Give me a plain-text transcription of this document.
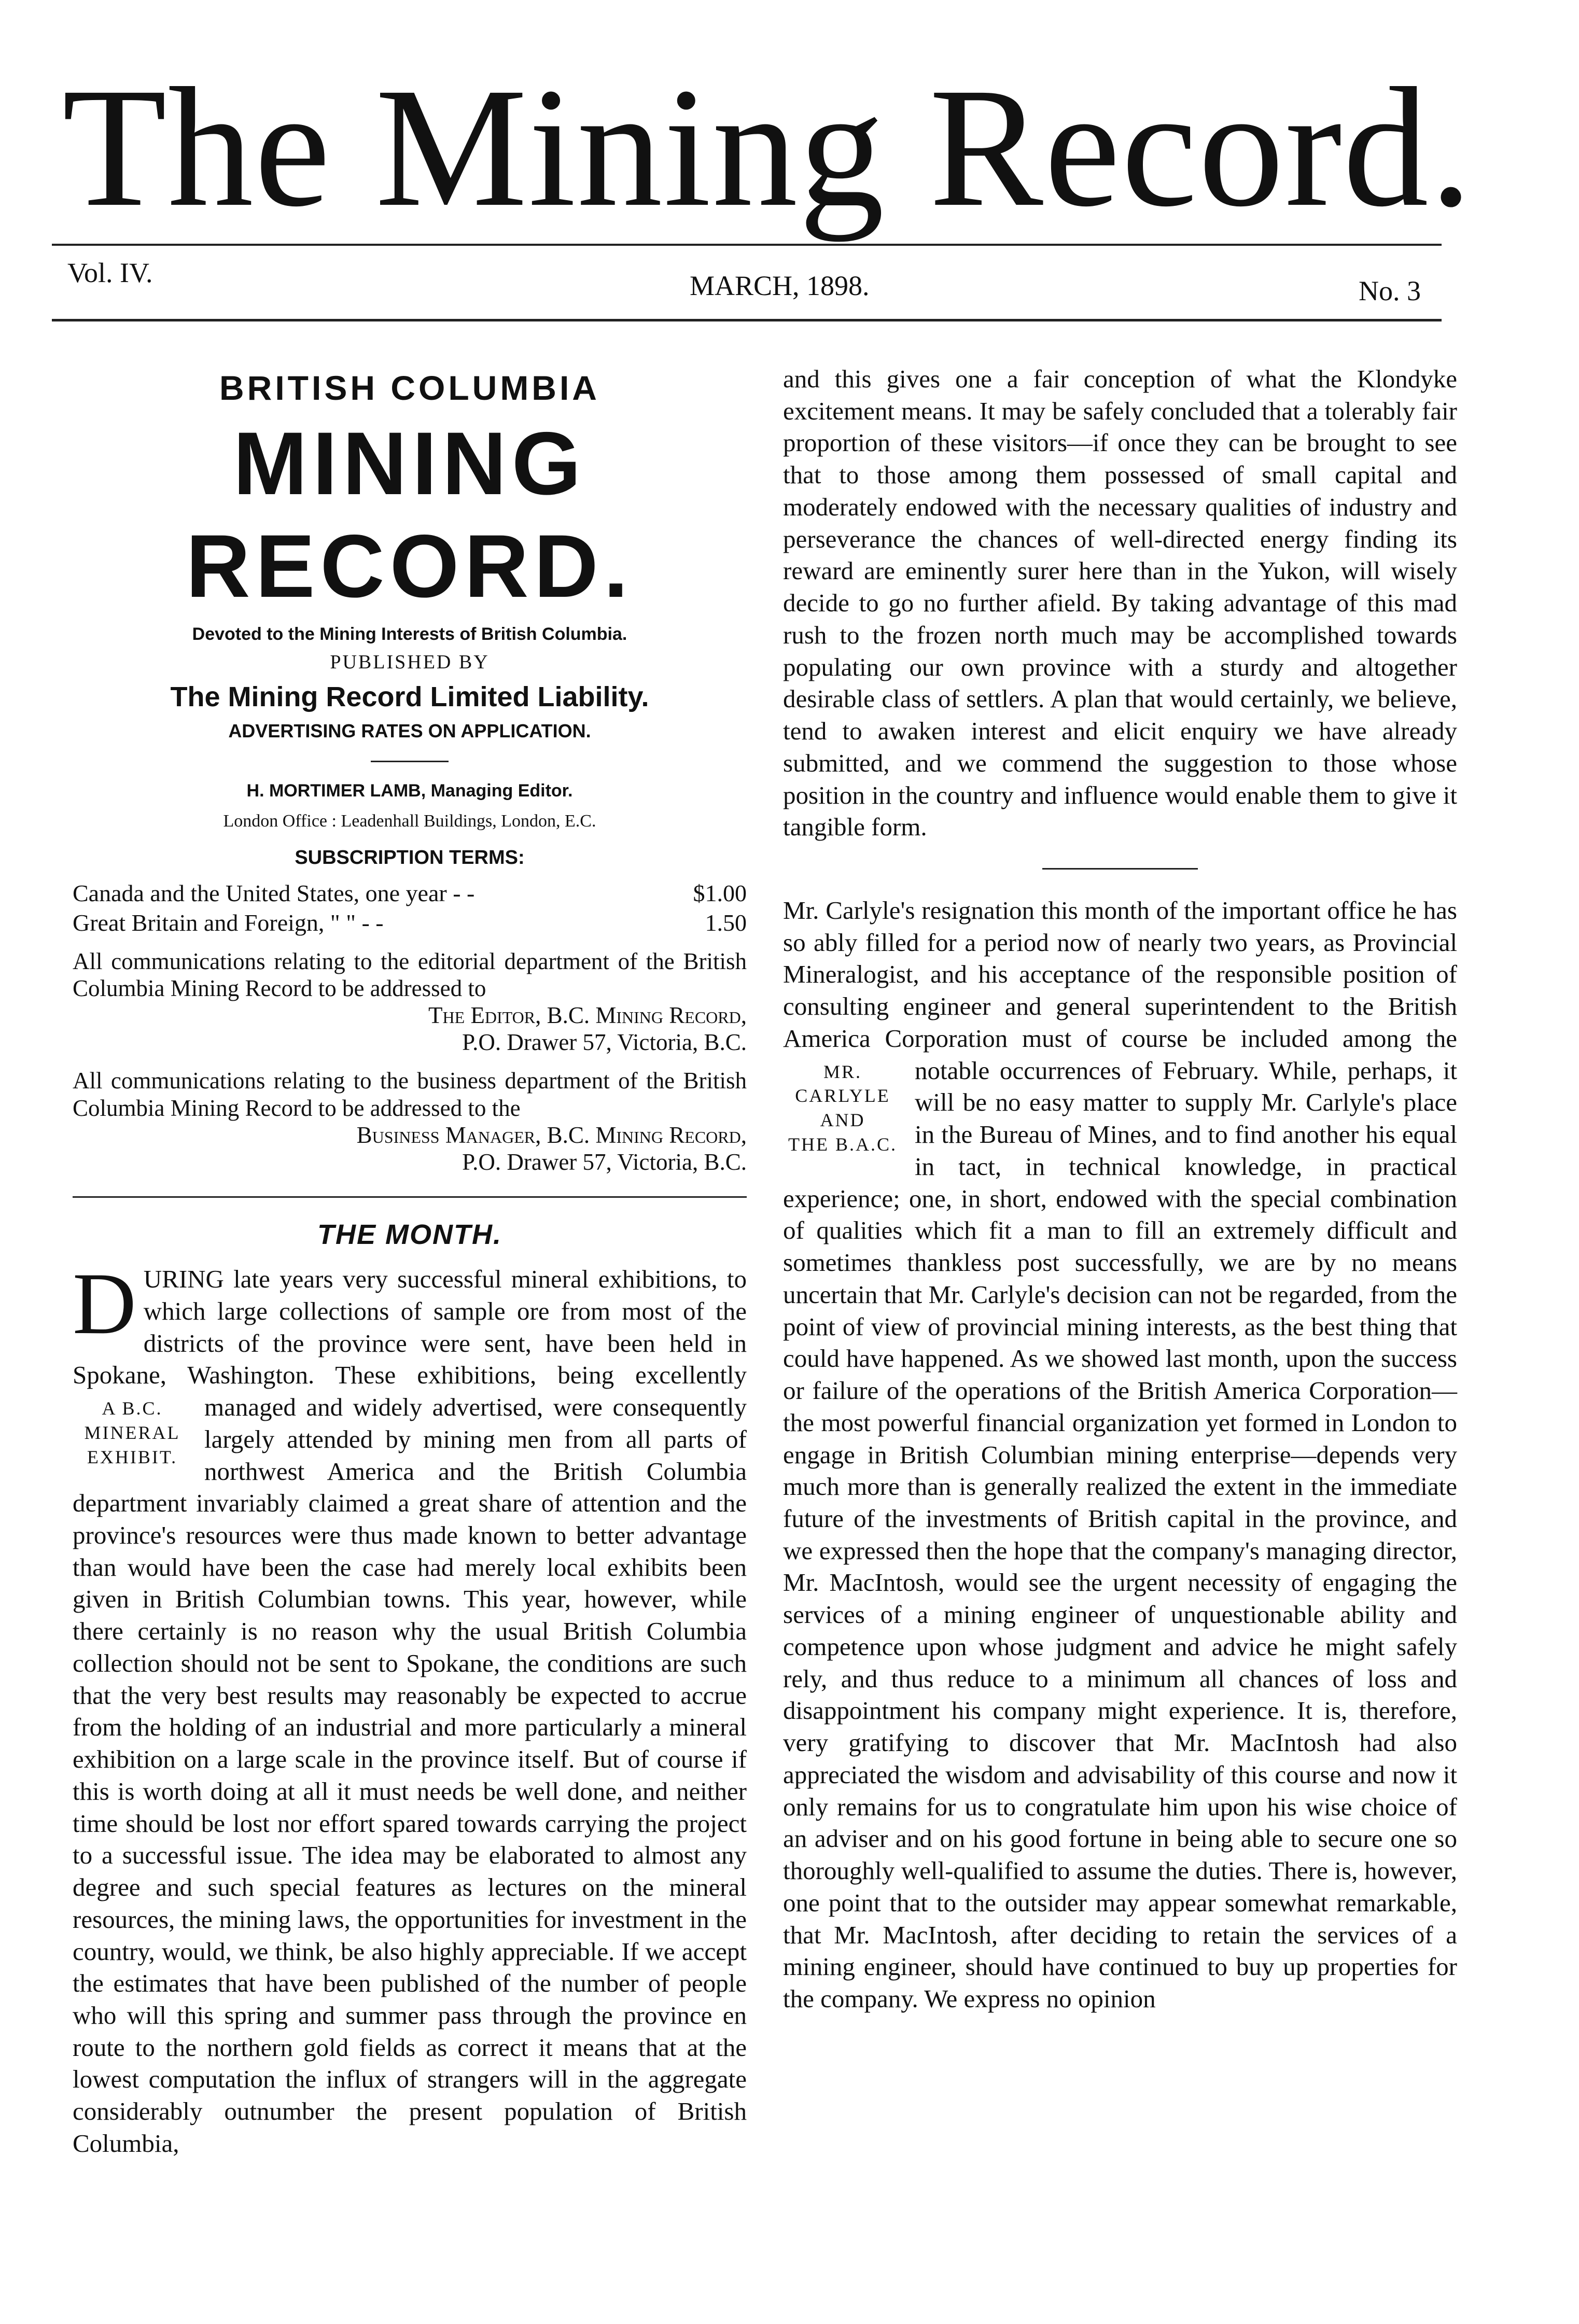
The Mining Record.
Vol. IV.	MARCH, 1898.	No. 3
BRITISH COLUMBIA
MINING RECORD.
Devoted to the Mining Interests of British Columbia.
PUBLISHED BY
The Mining Record Limited Liability.
ADVERTISING RATES ON APPLICATION.
H. MORTIMER LAMB, Managing Editor.
London Office : Leadenhall Buildings, London, E.C.
SUBSCRIPTION TERMS:
Canada and the United States, one year - -	$1.00
Great Britain and Foreign, " " - -	1.50

All communications relating to the editorial department of the British Columbia Mining Record to be addressed to

The Editor, B.C. Mining Record,

P.O. Drawer 57, Victoria, B.C.

All communications relating to the business department of the British Columbia Mining Record to be addressed to the

Business Manager, B.C. Mining Record,

P.O. Drawer 57, Victoria, B.C.

THE MONTH.

DURING late years very successful mineral exhibitions, to which large collections of sample ore from most of the districts of the province were sent, have been held in Spokane, Washington. These exhibitions, being excellently managed and widely
A B.C.
MINERAL
EXHIBIT.
advertised, were consequently largely attended by mining men from all parts of northwest America and the British Columbia department invariably claimed a great share of attention and the province's resources were thus made known to better advantage than would have been the case had merely local exhibits been given in British Columbian towns. This year, however, while there certainly is no reason why the usual British Columbia collection should not be sent to Spokane, the conditions are such that the very best results may reasonably be expected to accrue from the holding of an industrial and more particularly a mineral exhibition on a large scale in the province itself. But of course if this is worth doing at all it must needs be well done, and neither time should be lost nor effort spared towards carrying the project to a successful issue. The idea may be elaborated to almost any degree and such special features as lectures on the mineral resources, the mining laws, the opportunities for investment in the country, would, we think, be also highly appreciable. If we accept the estimates that have been published of the number of people who will this spring and summer pass through the province en route to the northern gold fields as correct it means that at the lowest computation the influx of strangers will in the aggregate considerably outnumber the present population of British Columbia,

and this gives one a fair conception of what the Klondyke excitement means. It may be safely concluded that a tolerably fair proportion of these visitors—if once they can be brought to see that to those among them possessed of small capital and moderately endowed with the necessary qualities of industry and perseverance the chances of well-directed energy finding its reward are eminently surer here than in the Yukon, will wisely decide to go no further afield. By taking advantage of this mad rush to the frozen north much may be accomplished towards populating our own province with a sturdy and altogether desirable class of settlers. A plan that would certainly, we believe, tend to awaken interest and elicit enquiry we have already submitted, and we commend the suggestion to those whose position in the country and influence would enable them to give it tangible form.

Mr. Carlyle's resignation this month of the important office he has so ably filled for a period now of nearly two years, as Provincial Mineralogist, and his acceptance of the responsible position of consulting engineer and general superintendent to the British America Corporation must of course be included among the notable occurrences of February. While,
MR. CARLYLE
AND
THE B.A.C.
perhaps, it will be no easy matter to supply Mr. Carlyle's place in the Bureau of Mines, and to find another his equal in tact, in technical knowledge, in practical experience; one, in short, endowed with the special combination of qualities which fit a man to fill an extremely difficult and sometimes thankless post successfully, we are by no means uncertain that Mr. Carlyle's decision can not be regarded, from the point of view of provincial mining interests, as the best thing that could have happened. As we showed last month, upon the success or failure of the operations of the British America Corporation—the most powerful financial organization yet formed in London to engage in British Columbian mining enterprise—depends very much more than is generally realized the extent in the immediate future of the investments of British capital in the province, and we expressed then the hope that the company's managing director, Mr. MacIntosh, would see the urgent necessity of engaging the services of a mining engineer of unquestionable ability and competence upon whose judgment and advice he might safely rely, and thus reduce to a minimum all chances of loss and disappointment his company might experience. It is, therefore, very gratifying to discover that Mr. MacIntosh had also appreciated the wisdom and advisability of this course and now it only remains for us to congratulate him upon his wise choice of an adviser and on his good fortune in being able to secure one so thoroughly well-qualified to assume the duties. There is, however, one point that to the outsider may appear somewhat remarkable, that Mr. MacIntosh, after deciding to retain the services of a mining engineer, should have continued to buy up properties for the company. We express no opinion
